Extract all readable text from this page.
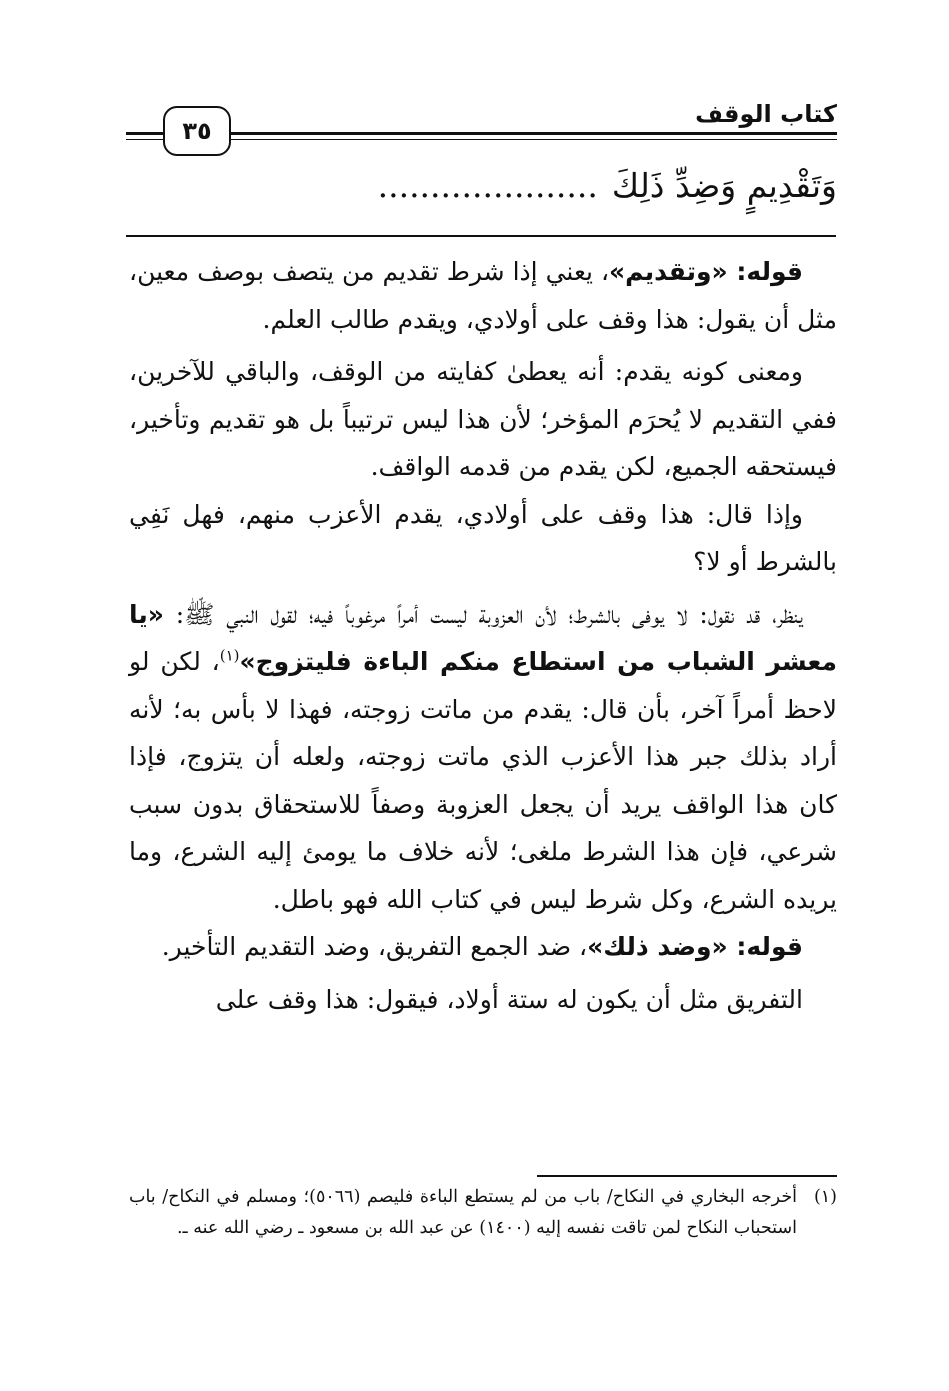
كتاب الوقف
٣٥
وَتَقْدِيمٍ وَضِدِّ ذَلِكَ.....................

قوله: «وتقديم»، يعني إذا شرط تقديم من يتصف بوصف معين، مثل أن يقول: هذا وقف على أولادي، ويقدم طالب العلم.

ومعنى كونه يقدم: أنه يعطىٰ كفايته من الوقف، والباقي للآخرين، ففي التقديم لا يُحرَم المؤخر؛ لأن هذا ليس ترتيباً بل هو تقديم وتأخير، فيستحقه الجميع، لكن يقدم من قدمه الواقف.

وإذا قال: هذا وقف على أولادي، يقدم الأعزب منهم، فهل نَفِي بالشرط أو لا؟

ينظر، قد نقول: لا يوفى بالشرط؛ لأن العزوبة ليست أمراً مرغوباً فيه؛ لقول النبي ﷺ: «يا معشر الشباب من استطاع منكم الباءة فليتزوج»$^{(١)}$، لكن لو لاحظ أمراً آخر، بأن قال: يقدم من ماتت زوجته، فهذا لا بأس به؛ لأنه أراد بذلك جبر هذا الأعزب الذي ماتت زوجته، ولعله أن يتزوج، فإذا كان هذا الواقف يريد أن يجعل العزوبة وصفاً للاستحقاق بدون سبب شرعي، فإن هذا الشرط ملغى؛ لأنه خلاف ما يومئ إليه الشرع، وما يريده الشرع، وكل شرط ليس في كتاب الله فهو باطل.

قوله: «وضد ذلك»، ضد الجمع التفريق، وضد التقديم التأخير.

التفريق مثل أن يكون له ستة أولاد، فيقول: هذا وقف على

(١)
أخرجه البخاري في النكاح/ باب من لم يستطع الباءة فليصم (٥٠٦٦)؛ ومسلم في النكاح/ باب استحباب النكاح لمن تاقت نفسه إليه (١٤٠٠) عن عبد الله بن مسعود ـ رضي الله عنه ـ.
